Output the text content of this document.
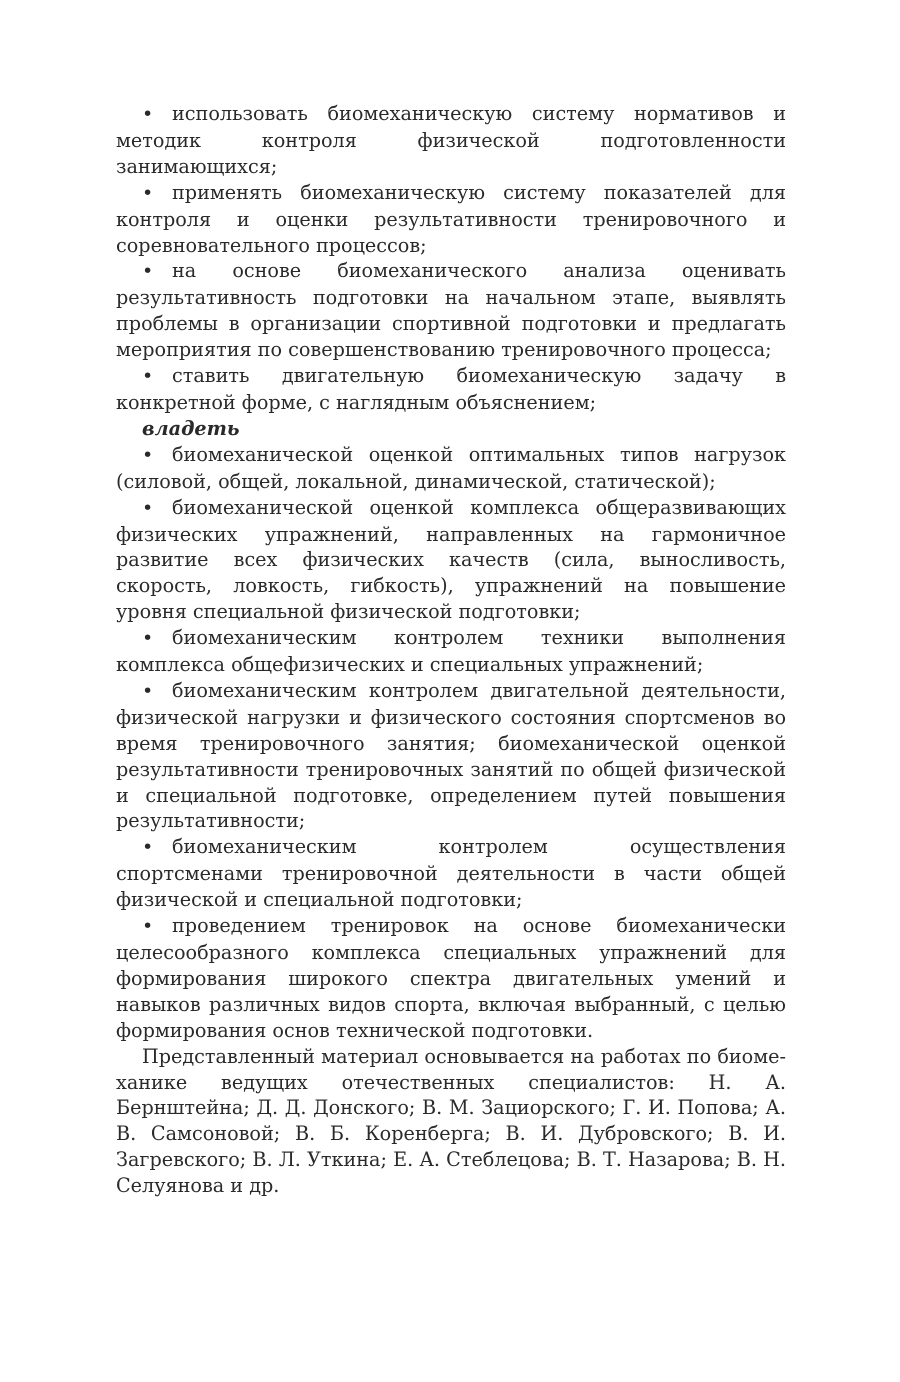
• использовать биомеханическую систему нормативов и методик контроля физической подготовленности занимающихся;

• применять биомеханическую систему показателей для контроля и оценки результативности тренировочного и соревновательного процессов;

• на основе биомеханического анализа оценивать результативность подготовки на начальном этапе, выявлять проблемы в организации спортивной подготовки и предлагать мероприятия по совершенствованию тренировочного процесса;

• ставить двигательную биомеханическую задачу в конкретной форме, с наглядным объяснением;

владеть

• биомеханической оценкой оптимальных типов нагрузок (силовой, общей, локальной, динамической, статической);

• биомеханической оценкой комплекса общеразвивающих физических упражнений, направленных на гармоничное развитие всех физических качеств (сила, выносливость, скорость, ловкость, гибкость), упражнений на повышение уровня специальной физической подготовки;

• биомеханическим контролем техники выполнения комплекса общефизических и специальных упражнений;

• биомеханическим контролем двигательной деятельности, физической нагрузки и физического состояния спортсменов во время тренировочного занятия; биомеханической оценкой результативности тренировочных занятий по общей физической и специальной подготовке, определением путей повышения результативности;

• биомеханическим контролем осуществления спортсменами тренировочной деятельности в части общей физической и специальной подготовки;

• проведением тренировок на основе биомеханически целесообразного комплекса специальных упражнений для формирования широкого спектра двигательных умений и навыков различных видов спорта, включая выбранный, с целью формирования основ технической подготовки.

Представленный материал основывается на работах по биомеханике ведущих отечественных специалистов: Н. А. Бернштейна; Д. Д. Донского; В. М. Зациорского; Г. И. Попова; А. В. Самсоновой; В. Б. Коренберга; В. И. Дубровского; В. И. Загревского; В. Л. Уткина; Е. А. Стеблецова; В. Т. Назарова; В. Н. Селуянова и др.
